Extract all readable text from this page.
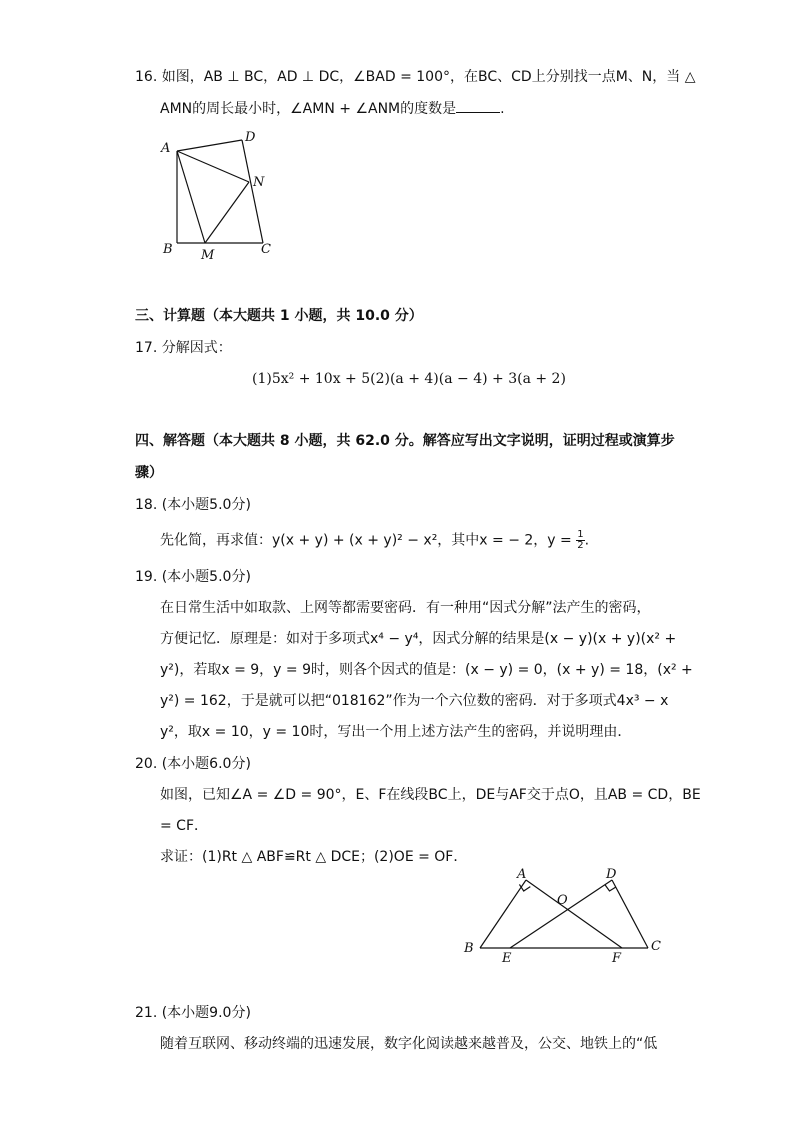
16. 如图，AB ⊥ BC，AD ⊥ DC，∠BAD = 100°，在BC、CD上分别找一点M、N，当 △
AMN的周长最小时，∠AMN + ∠ANM的度数是	.
A
D
N
B M	C
三、计算题（本大题共 1 小题，共 10.0 分）
17. 分解因式：
(1)5x² + 10x + 5(2)(a + 4)(a − 4) + 3(a + 2)
四、解答题（本大题共 8 小题，共 62.0 分。解答应写出文字说明，证明过程或演算步
骤）
18. (本小题5.0分)
先化简，再求值：y(x + y) + (x + y)² − x²，其中x = − 2，$y = \frac{1}{2}$ .
19. (本小题5.0分)
在日常生活中如取款、上网等都需要密码．有一种用“因式分解”法产生的密码，
方便记忆．原理是：如对于多项式x⁴ − y⁴，因式分解的结果是(x − y)(x + y)(x² +
y²)，若取x = 9，y = 9时，则各个因式的值是：(x − y) = 0，(x + y) = 18，(x² +
y²) = 162，于是就可以把“018162”作为一个六位数的密码．对于多项式4x³ − x
y²，取x = 10，y = 10时，写出一个用上述方法产生的密码，并说明理由．
20. (本小题6.0分)
如图，已知∠A = ∠D = 90°，E、F在线段BC上，DE与AF交于点O，且AB = CD，BE
= CF．
求证：(1)Rt △ ABF≌Rt △ DCE；(2)OE = OF．
A	D
O
B	C
E	F
21. (本小题9.0分)
随着互联网、移动终端的迅速发展，数字化阅读越来越普及，公交、地铁上的“低
